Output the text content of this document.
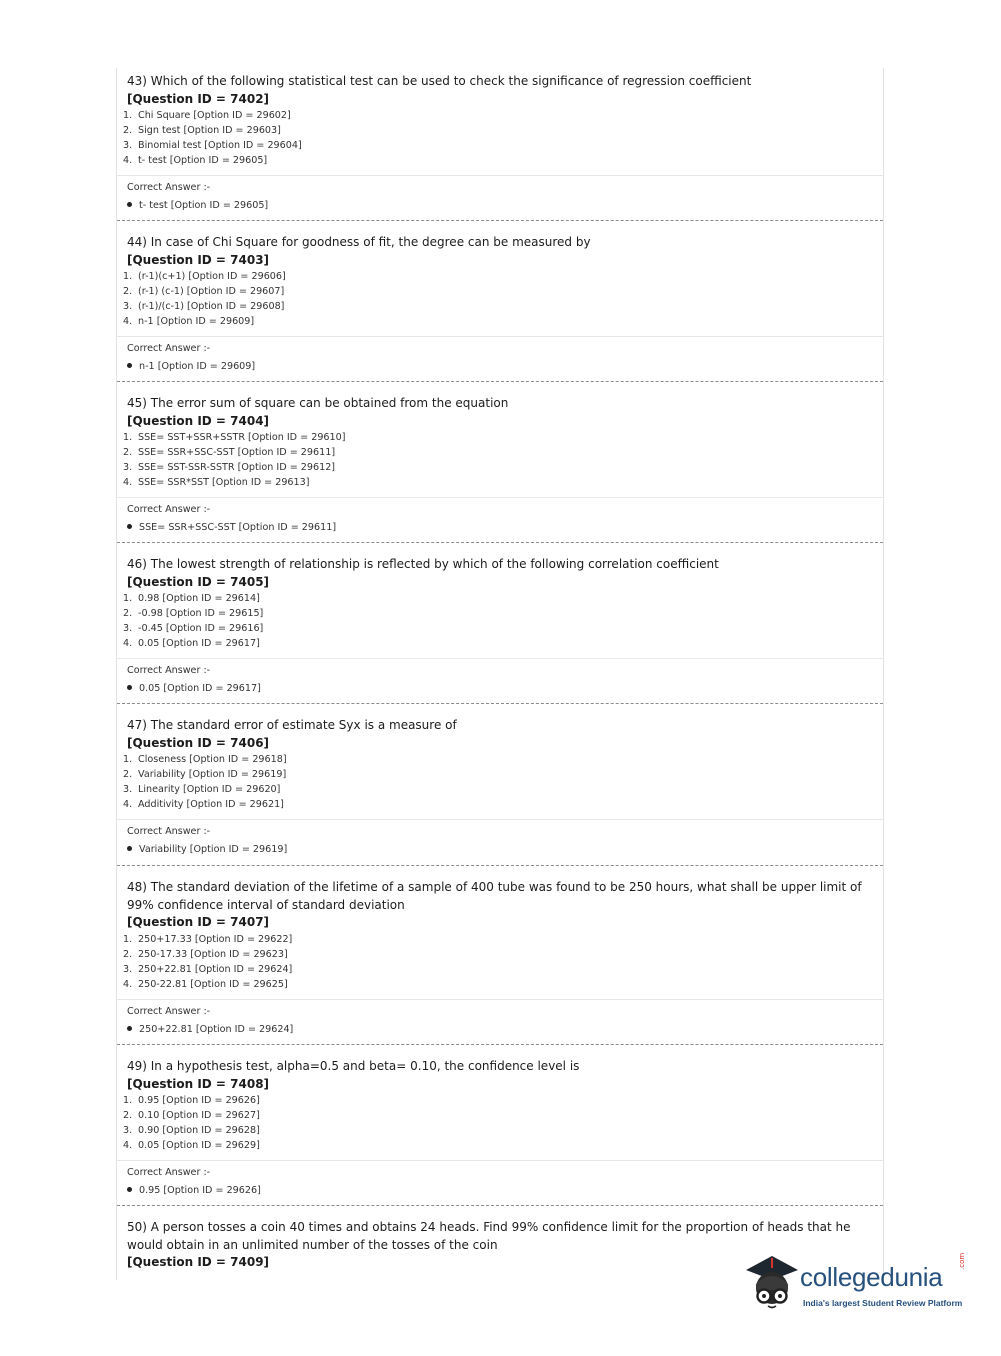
43) Which of the following statistical test can be used to check the significance of regression coefficient

[Question ID = 7402]

1. Chi Square [Option ID = 29602]
2. Sign test [Option ID = 29603]
3. Binomial test [Option ID = 29604]
4. t- test [Option ID = 29605]

Correct Answer :-

t- test [Option ID = 29605]

44) In case of Chi Square for goodness of fit, the degree can be measured by

[Question ID = 7403]

1. (r-1)(c+1) [Option ID = 29606]
2. (r-1) (c-1) [Option ID = 29607]
3. (r-1)/(c-1) [Option ID = 29608]
4. n-1 [Option ID = 29609]

Correct Answer :-

n-1 [Option ID = 29609]

45) The error sum of square can be obtained from the equation

[Question ID = 7404]

1. SSE= SST+SSR+SSTR [Option ID = 29610]
2. SSE= SSR+SSC-SST [Option ID = 29611]
3. SSE= SST-SSR-SSTR [Option ID = 29612]
4. SSE= SSR*SST [Option ID = 29613]

Correct Answer :-

SSE= SSR+SSC-SST [Option ID = 29611]

46) The lowest strength of relationship is reflected by which of the following correlation coefficient

[Question ID = 7405]

1. 0.98 [Option ID = 29614]
2. -0.98 [Option ID = 29615]
3. -0.45 [Option ID = 29616]
4. 0.05 [Option ID = 29617]

Correct Answer :-

0.05 [Option ID = 29617]

47) The standard error of estimate Syx is a measure of

[Question ID = 7406]

1. Closeness [Option ID = 29618]
2. Variability [Option ID = 29619]
3. Linearity [Option ID = 29620]
4. Additivity [Option ID = 29621]

Correct Answer :-

Variability [Option ID = 29619]

48) The standard deviation of the lifetime of a sample of 400 tube was found to be 250 hours, what shall be upper limit of 99% confidence interval of standard deviation

[Question ID = 7407]

1. 250+17.33 [Option ID = 29622]
2. 250-17.33 [Option ID = 29623]
3. 250+22.81 [Option ID = 29624]
4. 250-22.81 [Option ID = 29625]

Correct Answer :-

250+22.81 [Option ID = 29624]

49) In a hypothesis test, alpha=0.5 and beta= 0.10, the confidence level is

[Question ID = 7408]

1. 0.95 [Option ID = 29626]
2. 0.10 [Option ID = 29627]
3. 0.90 [Option ID = 29628]
4. 0.05 [Option ID = 29629]

Correct Answer :-

0.95 [Option ID = 29626]

50) A person tosses a coin 40 times and obtains 24 heads. Find 99% confidence limit for the proportion of heads that he would obtain in an unlimited number of the tosses of the coin

[Question ID = 7409]	collegedunia
.com
India's largest Student Review Platform
